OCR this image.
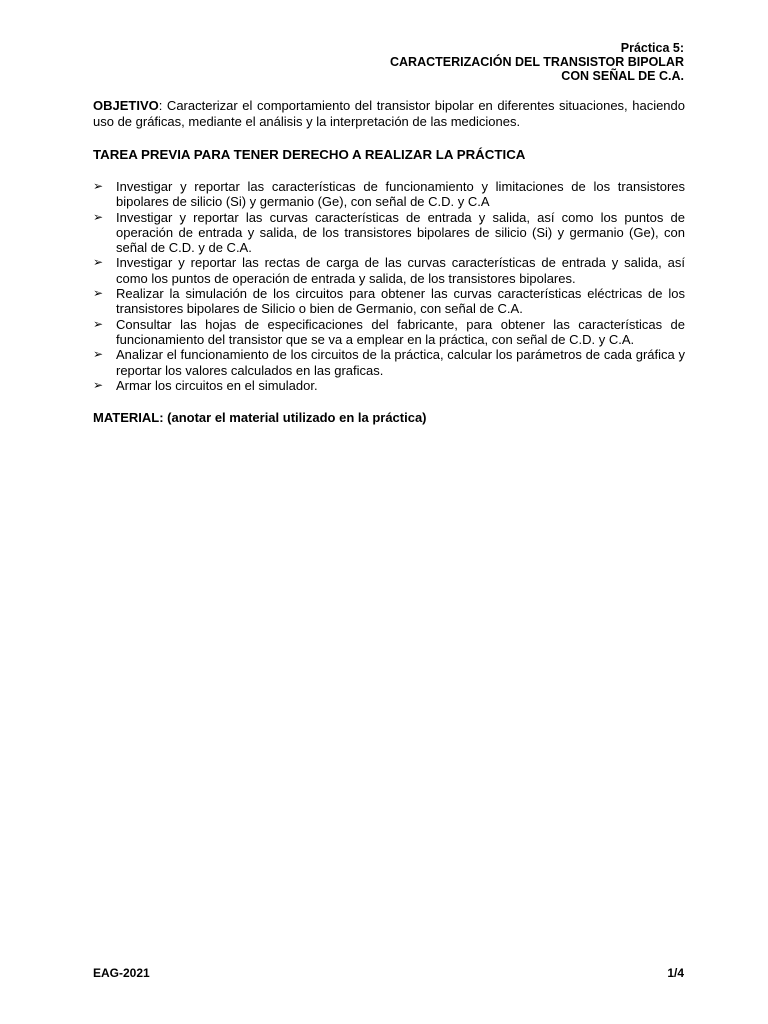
Práctica 5:
CARACTERIZACIÓN DEL TRANSISTOR BIPOLAR
CON SEÑAL DE C.A.
OBJETIVO: Caracterizar el comportamiento del transistor bipolar en diferentes situaciones, haciendo uso de gráficas, mediante el análisis y la interpretación de las mediciones.
TAREA PREVIA PARA TENER DERECHO A REALIZAR LA PRÁCTICA
➢ Investigar y reportar las características de funcionamiento y limitaciones de los transistores bipolares de silicio (Si) y germanio (Ge), con señal de C.D. y C.A
➢ Investigar y reportar las curvas características de entrada y salida, así como los puntos de operación de entrada y salida, de los transistores bipolares de silicio (Si) y germanio (Ge), con señal de C.D. y de C.A.
➢ Investigar y reportar las rectas de carga de las curvas características de entrada y salida, así como los puntos de operación de entrada y salida, de los transistores bipolares.
➢ Realizar la simulación de los circuitos para obtener las curvas características eléctricas de los transistores bipolares de Silicio o bien de Germanio, con señal de C.A.
➢ Consultar las hojas de especificaciones del fabricante, para obtener las características de funcionamiento del transistor que se va a emplear en la práctica, con señal de C.D. y C.A.
➢ Analizar el funcionamiento de los circuitos de la práctica, calcular los parámetros de cada gráfica y reportar los valores calculados en las graficas.
➢ Armar los circuitos en el simulador.
MATERIAL: (anotar el material utilizado en la práctica)
EAG-2021	1/4
